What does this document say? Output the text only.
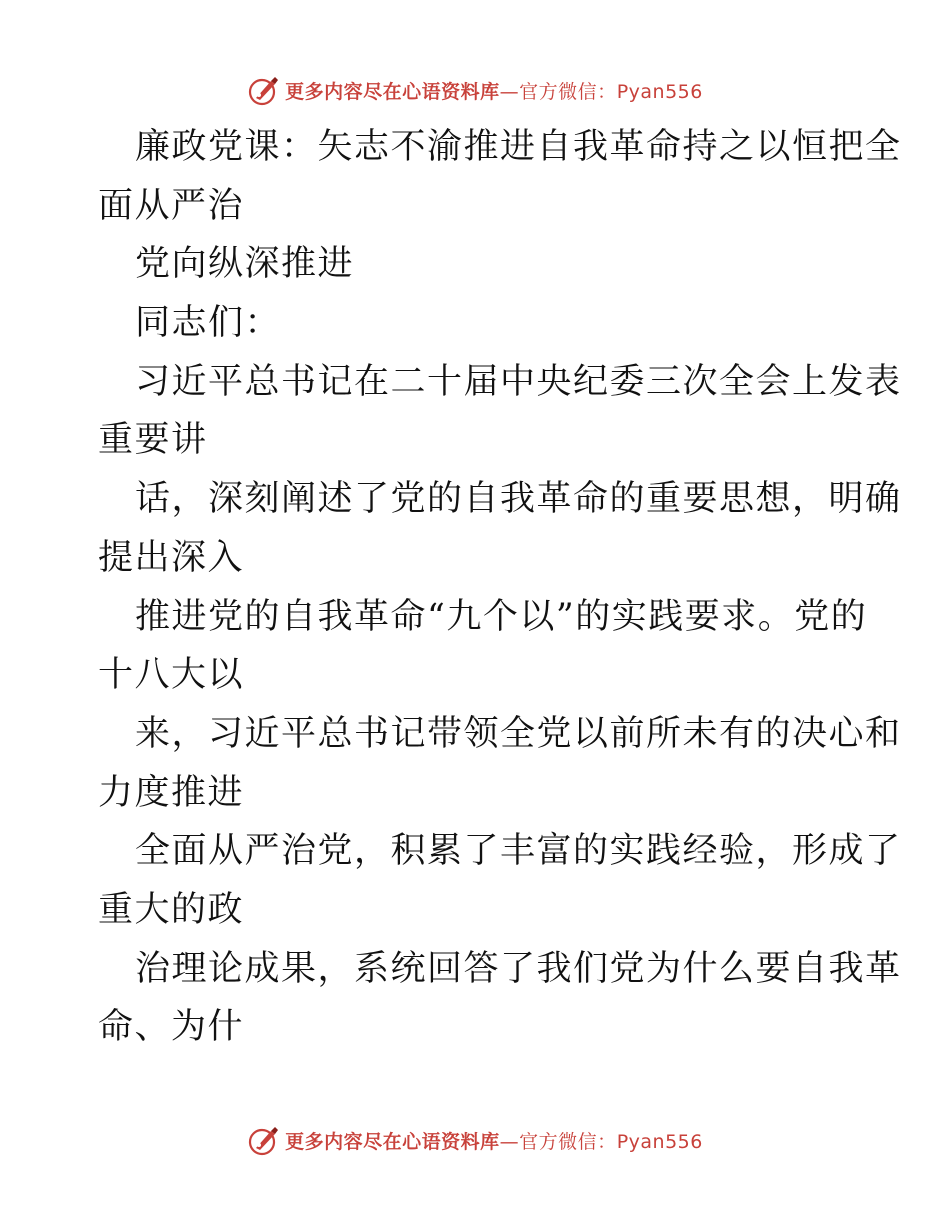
更多内容尽在心语资料库—官方微信：Pyan556
廉政党课：矢志不渝推进自我革命持之以恒把全
面从严治
党向纵深推进
同志们：
习近平总书记在二十届中央纪委三次全会上发表
重要讲
话，深刻阐述了党的自我革命的重要思想，明确
提出深入
推进党的自我革命“九个以”的实践要求。党的
十八大以
来，习近平总书记带领全党以前所未有的决心和
力度推进
全面从严治党，积累了丰富的实践经验，形成了
重大的政
治理论成果，系统回答了我们党为什么要自我革
命、为什
更多内容尽在心语资料库—官方微信：Pyan556
